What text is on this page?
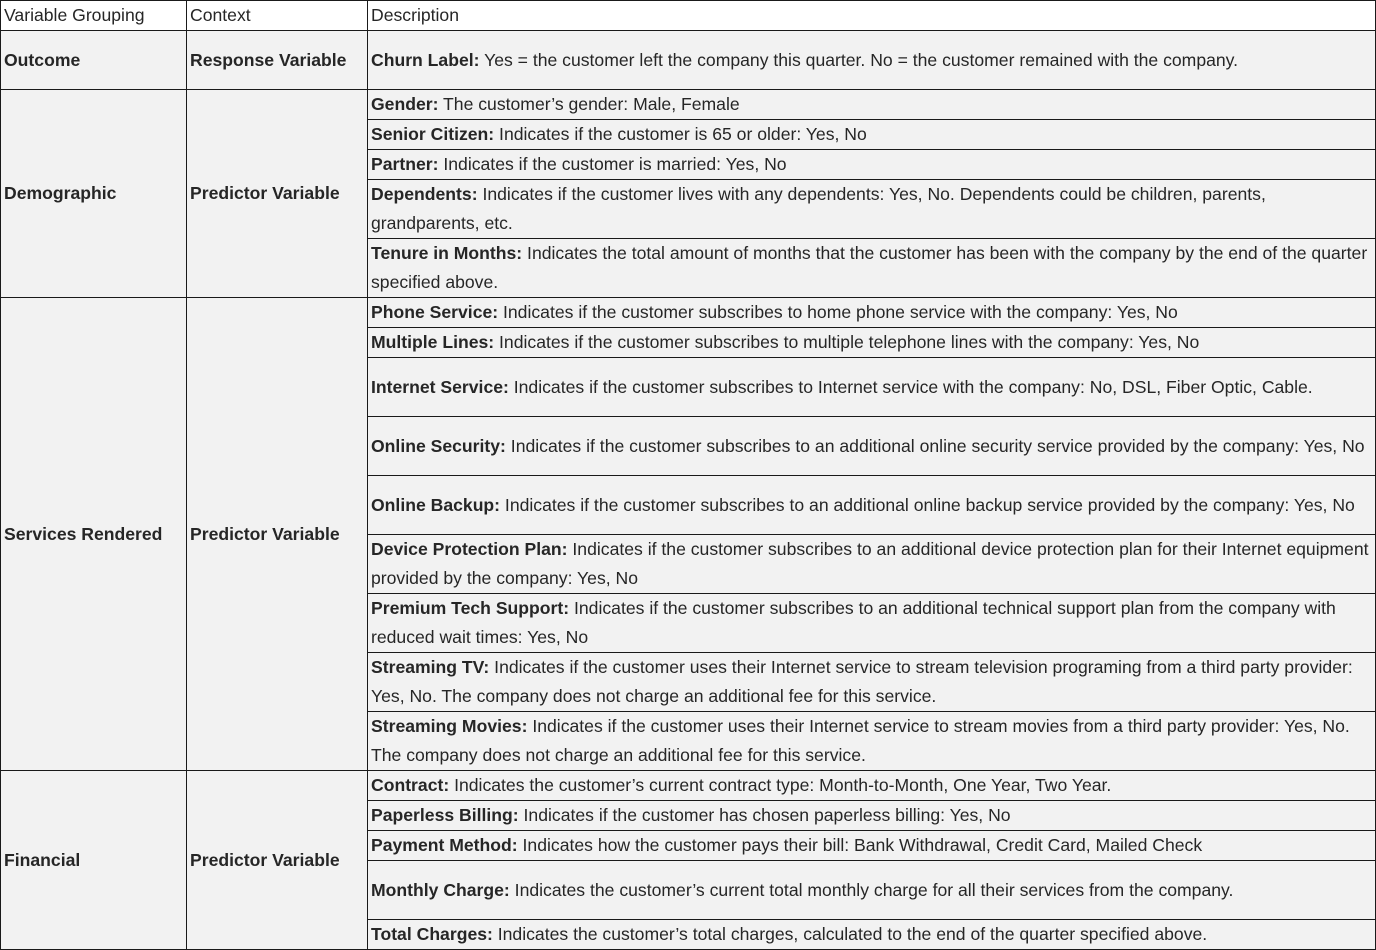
Variable Grouping	Context	Description
Outcome	Response Variable	Churn Label: Yes = the customer left the company this quarter. No = the customer remained with the company.
Demographic	Predictor Variable	Gender: The customer’s gender: Male, Female
		Senior Citizen: Indicates if the customer is 65 or older: Yes, No
		Partner: Indicates if the customer is married: Yes, No
		Dependents: Indicates if the customer lives with any dependents: Yes, No. Dependents could be children, parents, grandparents, etc.
		Tenure in Months: Indicates the total amount of months that the customer has been with the company by the end of the quarter specified above.
Services Rendered	Predictor Variable	Phone Service: Indicates if the customer subscribes to home phone service with the company: Yes, No
		Multiple Lines: Indicates if the customer subscribes to multiple telephone lines with the company: Yes, No
		Internet Service: Indicates if the customer subscribes to Internet service with the company: No, DSL, Fiber Optic, Cable.
		Online Security: Indicates if the customer subscribes to an additional online security service provided by the company: Yes, No
		Online Backup: Indicates if the customer subscribes to an additional online backup service provided by the company: Yes, No
		Device Protection Plan: Indicates if the customer subscribes to an additional device protection plan for their Internet equipment provided by the company: Yes, No
		Premium Tech Support: Indicates if the customer subscribes to an additional technical support plan from the company with reduced wait times: Yes, No
		Streaming TV: Indicates if the customer uses their Internet service to stream television programing from a third party provider: Yes, No. The company does not charge an additional fee for this service.
		Streaming Movies: Indicates if the customer uses their Internet service to stream movies from a third party provider: Yes, No. The company does not charge an additional fee for this service.
Financial	Predictor Variable	Contract: Indicates the customer’s current contract type: Month-to-Month, One Year, Two Year.
		Paperless Billing: Indicates if the customer has chosen paperless billing: Yes, No
		Payment Method: Indicates how the customer pays their bill: Bank Withdrawal, Credit Card, Mailed Check
		Monthly Charge: Indicates the customer’s current total monthly charge for all their services from the company.
		Total Charges: Indicates the customer’s total charges, calculated to the end of the quarter specified above.
